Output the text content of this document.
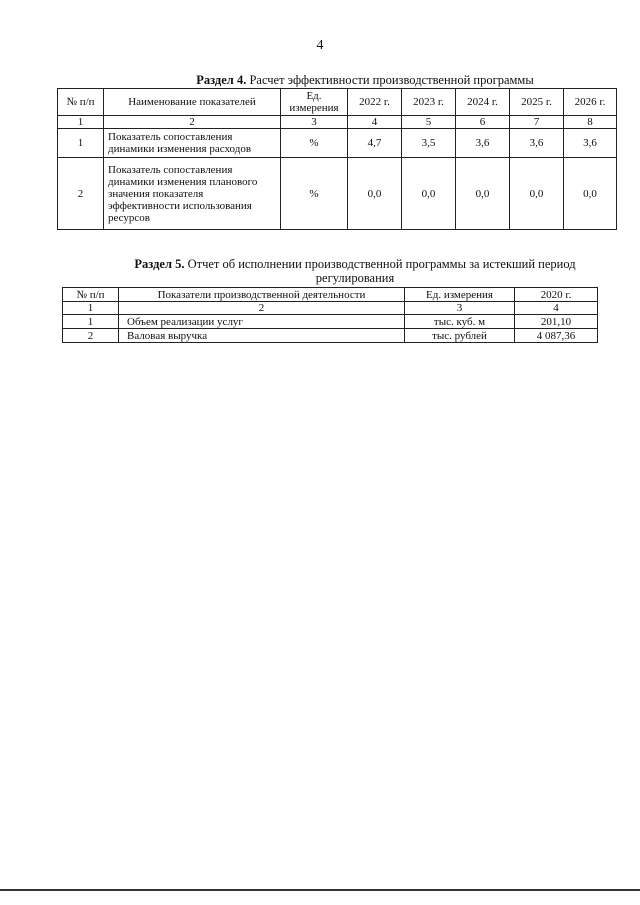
4
Раздел 4. Расчет эффективности производственной программы
№ п/п	Наименование показателей	Ед. измерения	2022 г.	2023 г.	2024 г.	2025 г.	2026 г.
1	2	3	4	5	6	7	8
1	Показатель сопоставления динамики изменения расходов	%	4,7	3,5	3,6	3,6	3,6
2	Показатель сопоставления динамики изменения планового значения показателя эффективности использования ресурсов	%	0,0	0,0	0,0	0,0	0,0
Раздел 5. Отчет об исполнении производственной программы за истекший период регулирования
№ п/п	Показатели производственной деятельности	Ед. измерения	2020 г.
1	2	3	4
1	Объем реализации услуг	тыс. куб. м	201,10
2	Валовая выручка	тыс. рублей	4 087,36
